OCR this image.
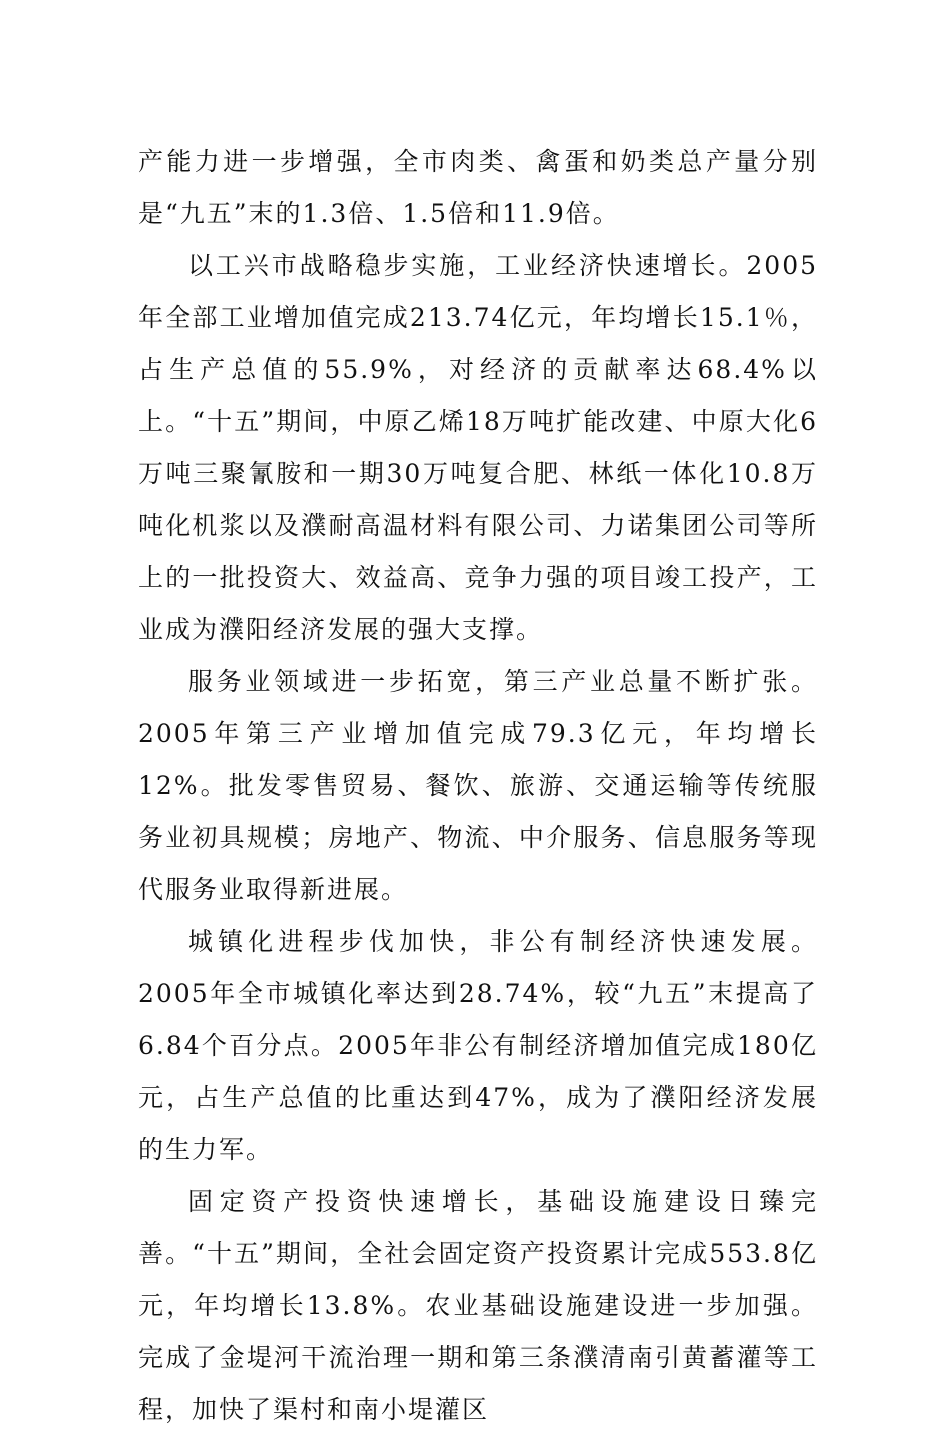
产能力进一步增强，全市肉类、禽蛋和奶类总产量分别是“九五”末的1.3倍、1.5倍和11.9倍。

以工兴市战略稳步实施，工业经济快速增长。2005年全部工业增加值完成213.74亿元，年均增长15.1％，占生产总值的55.9%，对经济的贡献率达68.4%以上。“十五”期间，中原乙烯18万吨扩能改建、中原大化6万吨三聚氰胺和一期30万吨复合肥、林纸一体化10.8万吨化机浆以及濮耐高温材料有限公司、力诺集团公司等所上的一批投资大、效益高、竞争力强的项目竣工投产，工业成为濮阳经济发展的强大支撑。

服务业领域进一步拓宽，第三产业总量不断扩张。2005年第三产业增加值完成79.3亿元，年均增长12%。批发零售贸易、餐饮、旅游、交通运输等传统服务业初具规模；房地产、物流、中介服务、信息服务等现代服务业取得新进展。

城镇化进程步伐加快，非公有制经济快速发展。2005年全市城镇化率达到28.74%，较“九五”末提高了6.84个百分点。2005年非公有制经济增加值完成180亿元，占生产总值的比重达到47%，成为了濮阳经济发展的生力军。

固定资产投资快速增长，基础设施建设日臻完善。“十五”期间，全社会固定资产投资累计完成553.8亿元，年均增长13.8%。农业基础设施建设进一步加强。完成了金堤河干流治理一期和第三条濮清南引黄蓄灌等工程，加快了渠村和南小堤灌区
